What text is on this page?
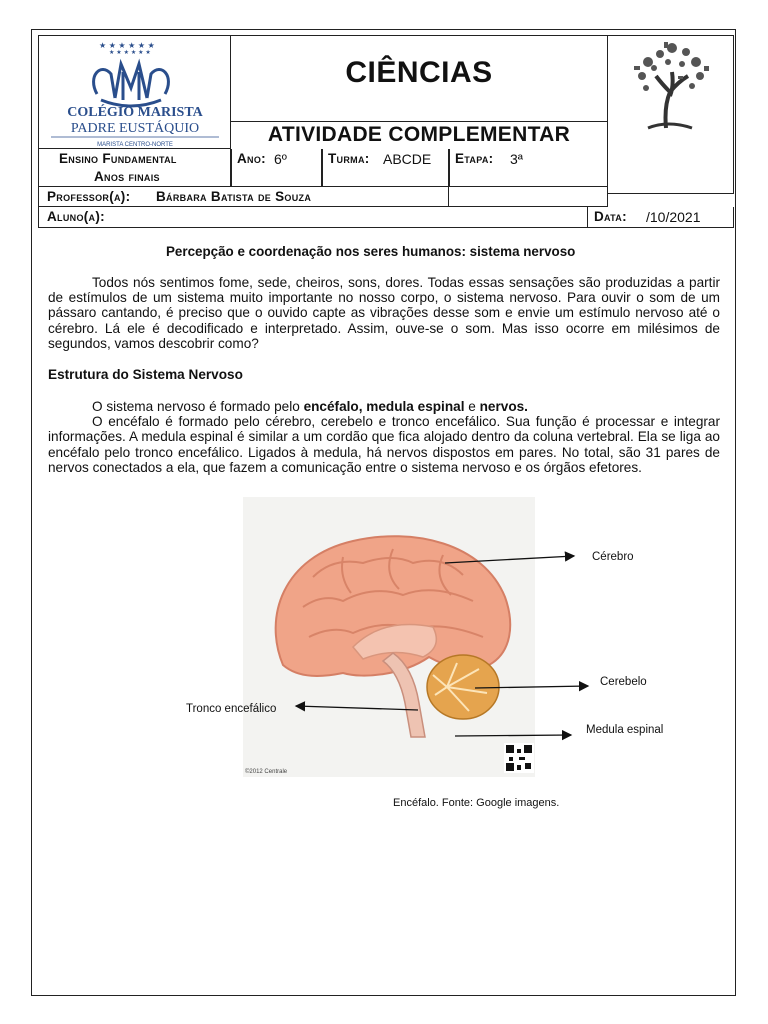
★ ★ ★ ★ ★ ★
★ ★ ★ ★ ★ ★
COLÉGIO MARISTA
PADRE EUSTÁQUIO
MARISTA CENTRO-NORTE
CIÊNCIAS
ATIVIDADE COMPLEMENTAR
Ensino Fundamental
Anos finais
Ano: 6º	Turma: ABCDE Etapa: 3ª
Professor(a): Bárbara Batista de Souza
Aluno(a):	Data: /10/2021
Percepção e coordenação nos seres humanos: sistema nervoso

Todos nós sentimos fome, sede, cheiros, sons, dores. Todas essas sensações são produzidas a partir de estímulos de um sistema muito importante no nosso corpo, o sistema nervoso. Para ouvir o som de um pássaro cantando, é preciso que o ouvido capte as vibrações desse som e envie um estímulo nervoso até o cérebro. Lá ele é decodificado e interpretado. Assim, ouve-se o som. Mas isso ocorre em milésimos de segundos, vamos descobrir como?

Estrutura do Sistema Nervoso

O sistema nervoso é formado pelo encéfalo, medula espinal e nervos.

O encéfalo é formado pelo cérebro, cerebelo e tronco encefálico. Sua função é processar e integrar informações. A medula espinal é similar a um cordão que fica alojado dentro da coluna vertebral. Ela se liga ao encéfalo pelo tronco encefálico. Ligados à medula, há nervos dispostos em pares. No total, são 31 pares de nervos conectados a ela, que fazem a comunicação entre o sistema nervoso e os órgãos efetores.

©2012 Centrale
Cérebro
Cerebelo
Tronco encefálico
Medula espinal
Encéfalo. Fonte: Google imagens.
